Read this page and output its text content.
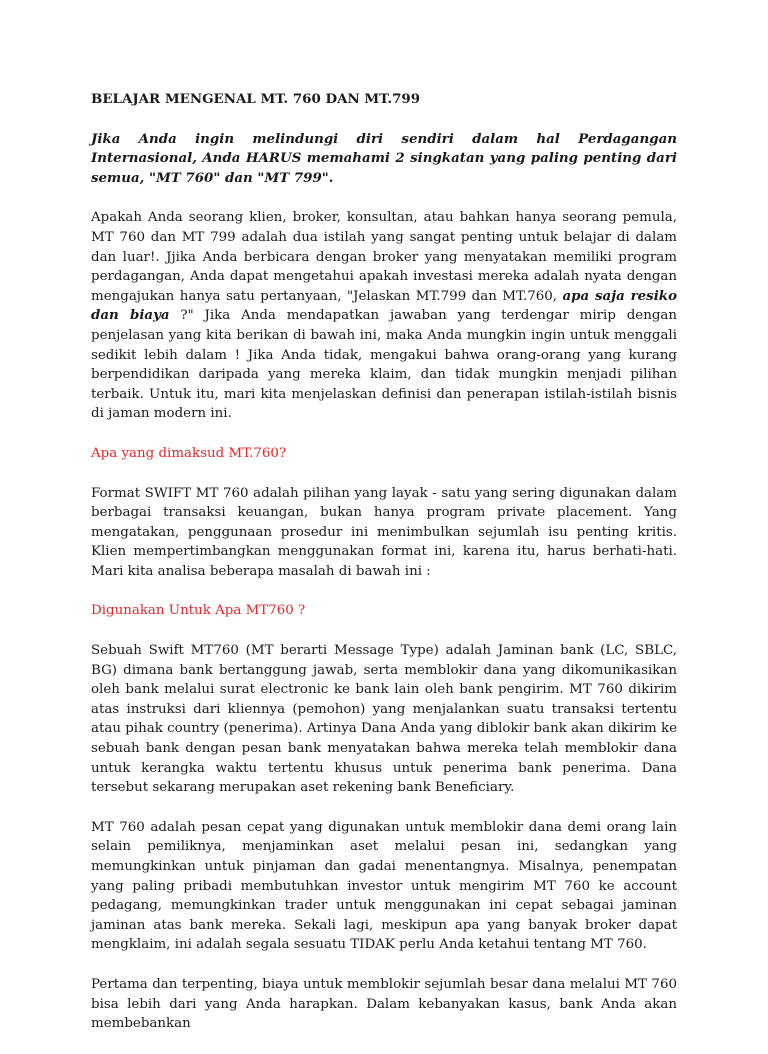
BELAJAR MENGENAL MT. 760 DAN MT.799

Jika Anda ingin melindungi diri sendiri dalam hal Perdagangan Internasional, Anda HARUS memahami 2 singkatan yang paling penting dari semua, "MT 760" dan "MT 799".

Apakah Anda seorang klien, broker, konsultan, atau bahkan hanya seorang pemula, MT 760 dan MT 799 adalah dua istilah yang sangat penting untuk belajar di dalam dan luar!. Jjika Anda berbicara dengan broker yang menyatakan memiliki program perdagangan, Anda dapat mengetahui apakah investasi mereka adalah nyata dengan mengajukan hanya satu pertanyaan, "Jelaskan MT.799 dan MT.760, apa saja resiko dan biaya ?" Jika Anda mendapatkan jawaban yang terdengar mirip dengan penjelasan yang kita berikan di bawah ini, maka Anda mungkin ingin untuk menggali sedikit lebih dalam ! Jika Anda tidak, mengakui bahwa orang-orang yang kurang berpendidikan daripada yang mereka klaim, dan tidak mungkin menjadi pilihan terbaik. Untuk itu, mari kita menjelaskan definisi dan penerapan istilah-istilah bisnis di jaman modern ini.

Apa yang dimaksud MT.760?

Format SWIFT MT 760 adalah pilihan yang layak - satu yang sering digunakan dalam berbagai transaksi keuangan, bukan hanya program private placement. Yang mengatakan, penggunaan prosedur ini menimbulkan sejumlah isu penting kritis. Klien mempertimbangkan menggunakan format ini, karena itu, harus berhati-hati. Mari kita analisa beberapa masalah di bawah ini :

Digunakan Untuk Apa MT760 ?

Sebuah Swift MT760 (MT berarti Message Type) adalah Jaminan bank (LC, SBLC, BG) dimana bank bertanggung jawab, serta memblokir dana yang dikomunikasikan oleh bank melalui surat electronic ke bank lain oleh bank pengirim. MT 760 dikirim atas instruksi dari kliennya (pemohon) yang menjalankan suatu transaksi tertentu atau pihak country (penerima). Artinya Dana Anda yang diblokir bank akan dikirim ke sebuah bank dengan pesan bank menyatakan bahwa mereka telah memblokir dana untuk kerangka waktu tertentu khusus untuk penerima bank penerima. Dana tersebut sekarang merupakan aset rekening bank Beneficiary.

MT 760 adalah pesan cepat yang digunakan untuk memblokir dana demi orang lain selain pemiliknya, menjaminkan aset melalui pesan ini, sedangkan yang memungkinkan untuk pinjaman dan gadai menentangnya. Misalnya, penempatan yang paling pribadi membutuhkan investor untuk mengirim MT 760 ke account pedagang, memungkinkan trader untuk menggunakan ini cepat sebagai jaminan jaminan atas bank mereka. Sekali lagi, meskipun apa yang banyak broker dapat mengklaim, ini adalah segala sesuatu TIDAK perlu Anda ketahui tentang MT 760.

Pertama dan terpenting, biaya untuk memblokir sejumlah besar dana melalui MT 760 bisa lebih dari yang Anda harapkan. Dalam kebanyakan kasus, bank Anda akan membebankan
